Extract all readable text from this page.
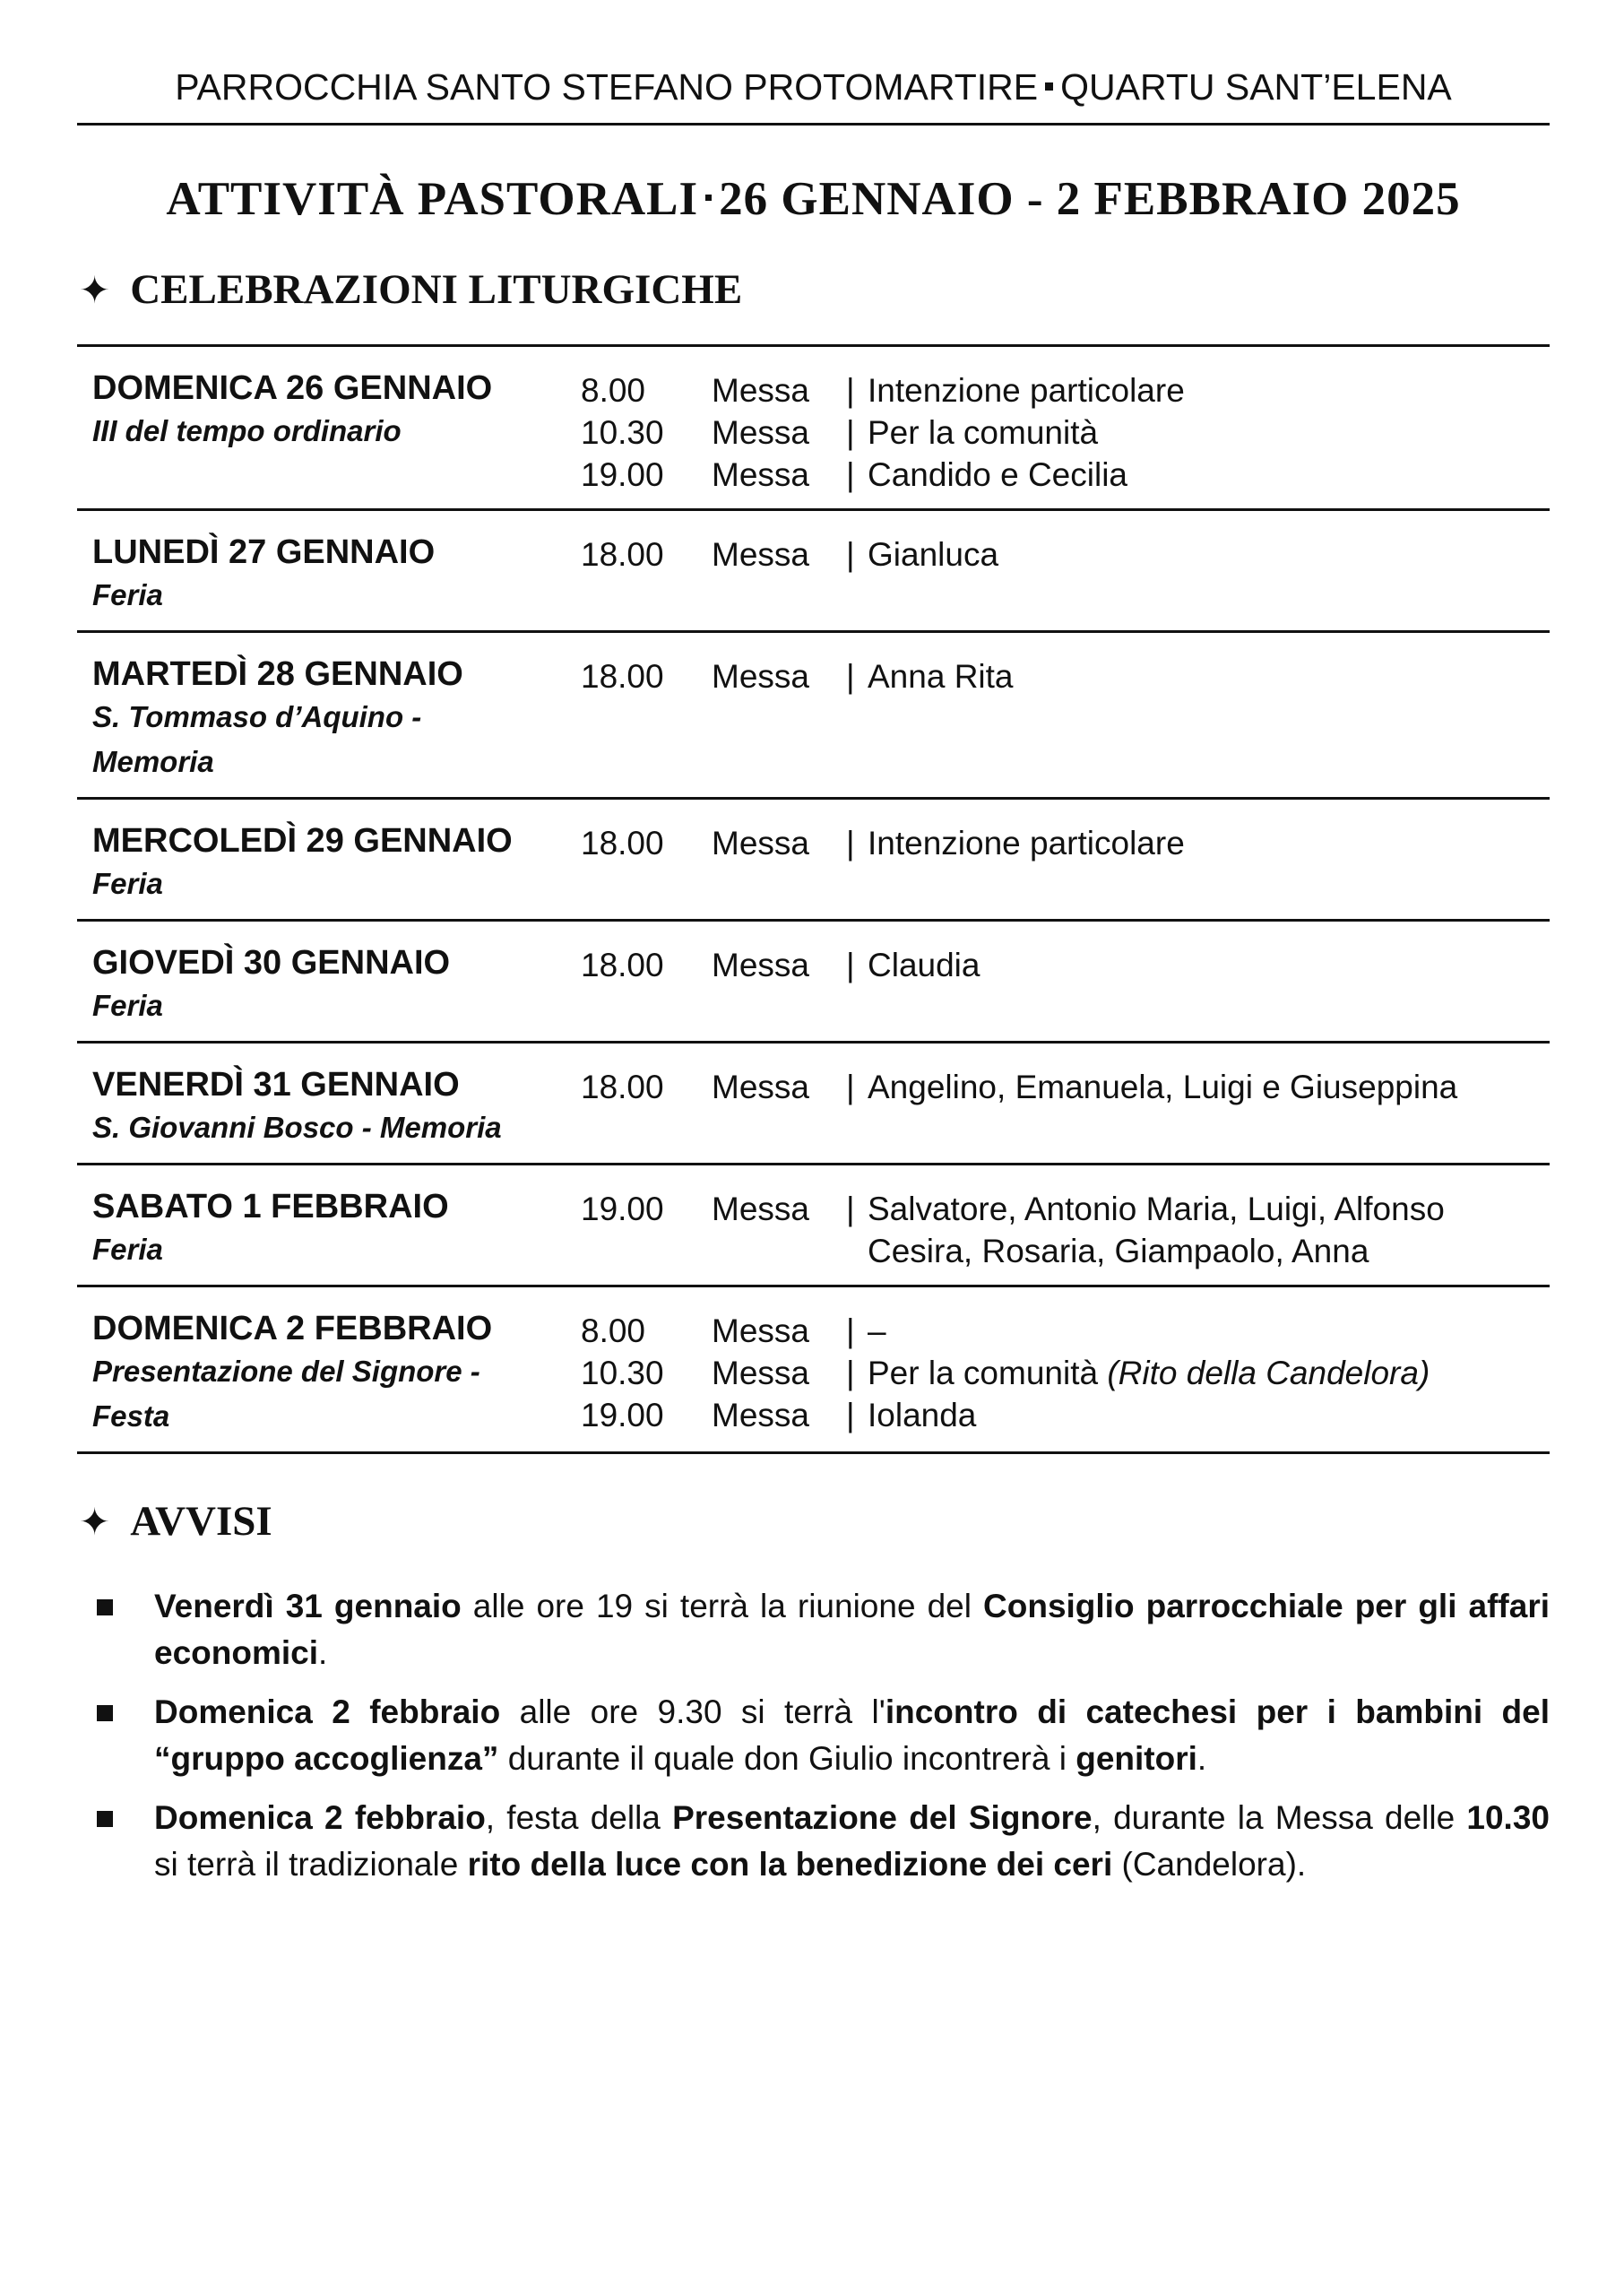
PARROCCHIA SANTO STEFANO PROTOMARTIRE QUARTU SANT’ELENA
ATTIVITÀ PASTORALI 26 GENNAIO - 2 FEBBRAIO 2025
✦ CELEBRAZIONI LITURGICHE
DOMENICA 26 GENNAIO
III del tempo ordinario
8.00	Messa	| Intenzione particolare
10.30	Messa	| Per la comunità
19.00	Messa	| Candido e Cecilia
LUNEDÌ 27 GENNAIO
Feria
18.00	Messa	| Gianluca
MARTEDÌ 28 GENNAIO
S. Tommaso d’Aquino -
Memoria
18.00	Messa	| Anna Rita
MERCOLEDÌ 29 GENNAIO
Feria
18.00	Messa	| Intenzione particolare
GIOVEDÌ 30 GENNAIO
Feria
18.00	Messa	| Claudia
VENERDÌ 31 GENNAIO
S. Giovanni Bosco - Memoria
18.00	Messa	| Angelino, Emanuela, Luigi e Giuseppina
SABATO 1 FEBBRAIO
Feria
19.00	Messa	| Salvatore, Antonio Maria, Luigi, Alfonso
Cesira, Rosaria, Giampaolo, Anna
DOMENICA 2 FEBBRAIO
Presentazione del Signore -
Festa
8.00	Messa	| –
10.30	Messa	| Per la comunità (Rito della Candelora)
19.00	Messa	| Iolanda
✦ AVVISI
Venerdì 31 gennaio alle ore 19 si terrà la riunione del Consiglio parrocchiale per gli affari economici.
Domenica 2 febbraio alle ore 9.30 si terrà l'incontro di catechesi per i bambini del “gruppo accoglienza” durante il quale don Giulio incontrerà i genitori.
Domenica 2 febbraio, festa della Presentazione del Signore, durante la Messa delle 10.30 si terrà il tradizionale rito della luce con la benedizione dei ceri (Candelora).
